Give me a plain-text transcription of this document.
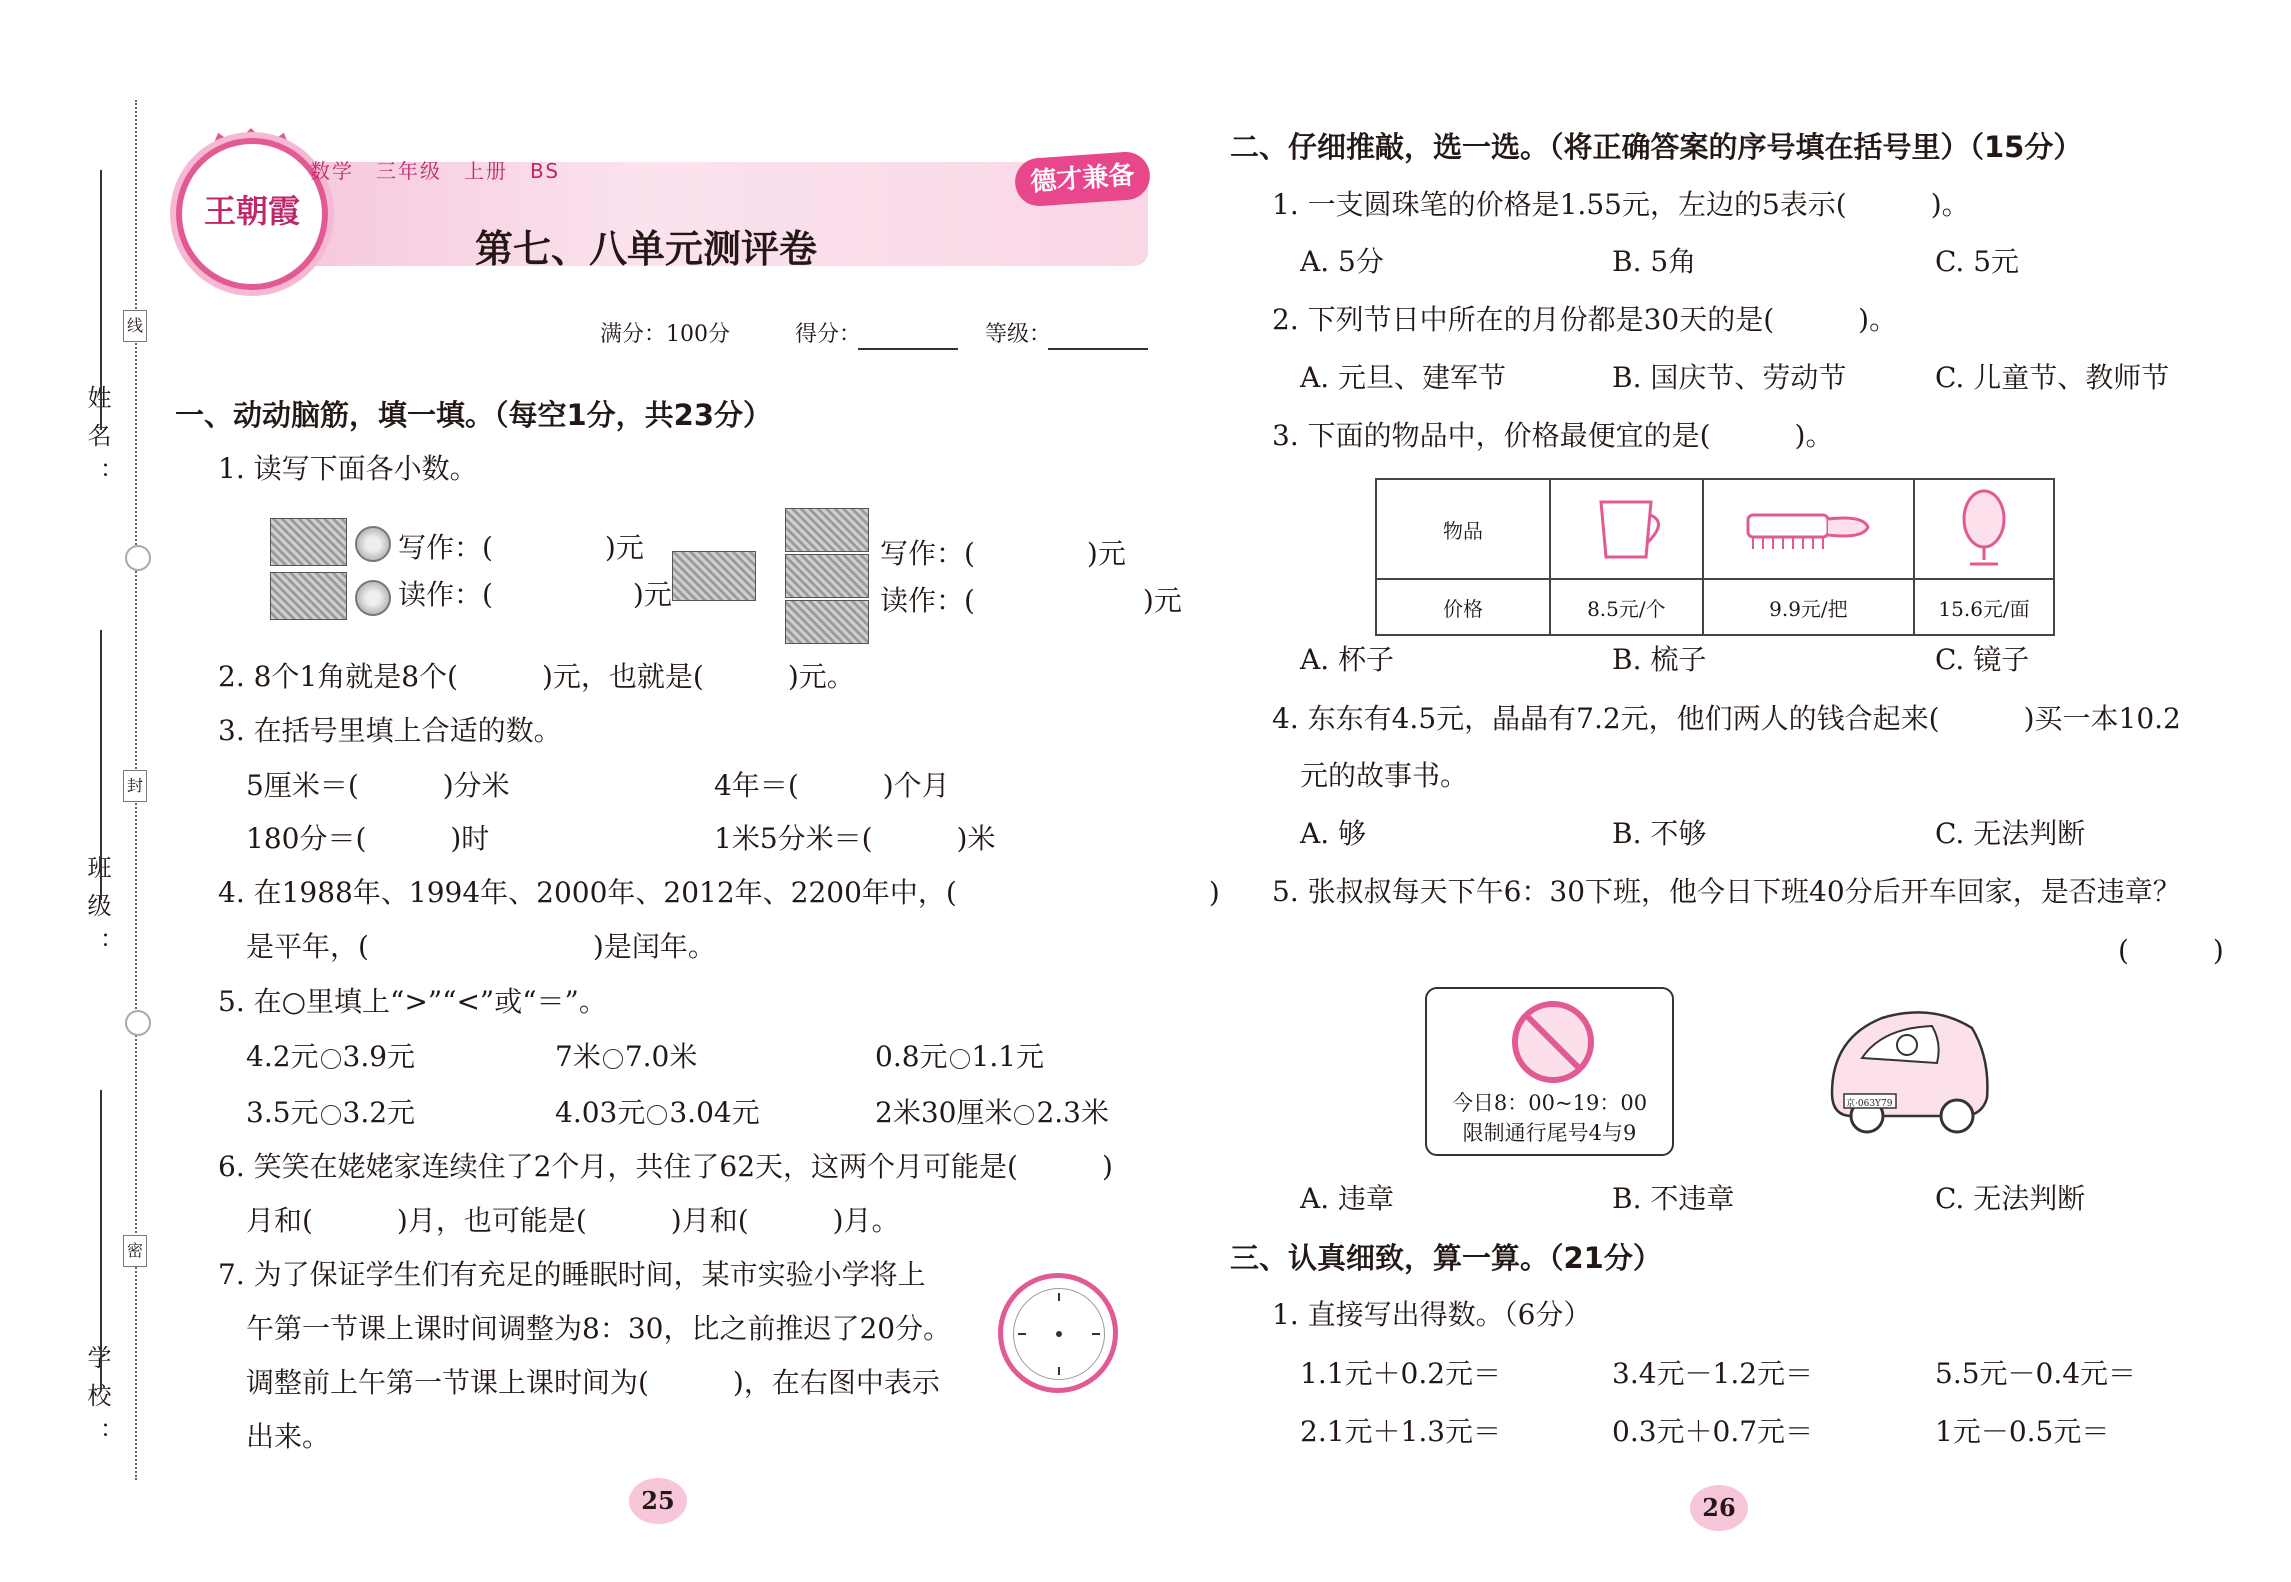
姓名：
线
班级：
封
学校：
密
王朝霞
数学　三年级　上册　BS
第七、八单元测评卷
德才兼备
满分：100分	得分：	等级：
一、动动脑筋，填一填。（每空1分，共23分）
1. 读写下面各小数。
写作：(　　　　)元
读作：(　　　　　)元
写作：(　　　　)元
读作：(　　　　　　)元
2. 8个1角就是8个(　　　)元，也就是(　　　)元。
3. 在括号里填上合适的数。
5厘米＝(　　　)分米	4年＝(　　　)个月
180分＝(　　　)时	1米5分米＝(　　　)米
4. 在1988年、1994年、2000年、2012年、2200年中，(　　　　　　　　　)
是平年，(　　　　　　　　)是闰年。
5. 在○里填上“>”“<”或“＝”。
4.2元 3.9元	7米 7.0米	0.8元 1.1元
3.5元 3.2元	4.03元 3.04元	2米30厘米 2.3米
6. 笑笑在姥姥家连续住了2个月，共住了62天，这两个月可能是(　　　)
月和(　　　)月，也可能是(　　　)月和(　　　)月。
7. 为了保证学生们有充足的睡眠时间，某市实验小学将上
午第一节课上课时间调整为8：30，比之前推迟了20分。
调整前上午第一节课上课时间为(　　　)，在右图中表示
出来。
25
二、仔细推敲，选一选。（将正确答案的序号填在括号里）（15分）
1. 一支圆珠笔的价格是1.55元，左边的5表示(　　　)。
A. 5分	B. 5角	C. 5元
2. 下列节日中所在的月份都是30天的是(　　　)。
A. 元旦、建军节	B. 国庆节、劳动节	C. 儿童节、教师节
3. 下面的物品中，价格最便宜的是(　　　)。
物品			
价格	8.5元/个	9.9元/把	15.6元/面
A. 杯子	B. 梳子	C. 镜子
4. 东东有4.5元，晶晶有7.2元，他们两人的钱合起来(　　　)买一本10.2
元的故事书。
A. 够	B. 不够	C. 无法判断
5. 张叔叔每天下午6：30下班，他今日下班40分后开车回家，是否违章？
(　　　)
今日8：00~19：00
限制通行尾号4与9
京·063Y79
A. 违章	B. 不违章	C. 无法判断
三、认真细致，算一算。（21分）
1. 直接写出得数。（6分）
1.1元＋0.2元＝	3.4元－1.2元＝	5.5元－0.4元＝
2.1元＋1.3元＝	0.3元＋0.7元＝	1元－0.5元＝
26
